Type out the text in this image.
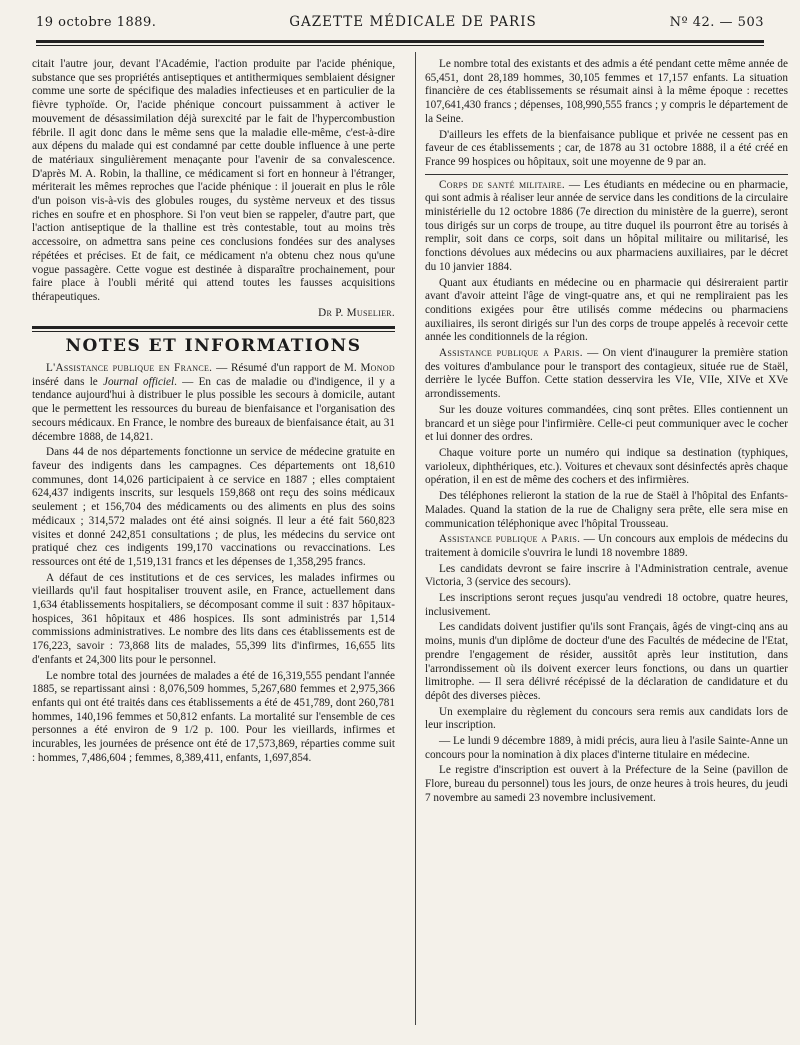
19 octobre 1889.	GAZETTE MÉDICALE DE PARIS	Nº 42. — 503

citait l'autre jour, devant l'Académie, l'action produite par l'acide phénique, substance que ses propriétés antiseptiques et antithermiques semblaient désigner comme une sorte de spécifique des maladies infectieuses et en particulier de la fièvre typhoïde. Or, l'acide phénique concourt puissamment à activer le mouvement de désassimilation déjà surexcité par le fait de l'hypercombustion fébrile. Il agit donc dans le même sens que la maladie elle-même, c'est-à-dire aux dépens du malade qui est condamné par cette double influence à une perte de matériaux singulièrement menaçante pour l'avenir de sa convalescence. D'après M. A. Robin, la thalline, ce médicament si fort en honneur à l'étranger, mériterait les mêmes reproches que l'acide phénique : il jouerait en plus le rôle d'un poison vis-à-vis des globules rouges, du système nerveux et des tissus riches en soufre et en phosphore. Si l'on veut bien se rappeler, d'autre part, que l'action antiseptique de la thalline est très contestable, tout au moins très accessoire, on admettra sans peine ces conclusions fondées sur des analyses répétées et précises. Et de fait, ce médicament n'a obtenu chez nous qu'une vogue passagère. Cette vogue est destinée à disparaître prochainement, pour faire place à l'oubli mérité qui attend toutes les fausses acquisitions thérapeutiques.

Dr P. Muselier.
NOTES ET INFORMATIONS

L'Assistance publique en France. — Résumé d'un rapport de M. Monod inséré dans le Journal officiel. — En cas de maladie ou d'indigence, il y a tendance aujourd'hui à distribuer le plus possible les secours à domicile, autant que le permettent les ressources du bureau de bienfaisance et l'organisation des secours médicaux. En France, le nombre des bureaux de bienfaisance était, au 31 décembre 1888, de 14,821.

Dans 44 de nos départements fonctionne un service de médecine gratuite en faveur des indigents dans les campagnes. Ces départements ont 18,610 communes, dont 14,026 participaient à ce service en 1887 ; elles comptaient 624,437 indigents inscrits, sur lesquels 159,868 ont reçu des soins médicaux seulement ; et 156,704 des médicaments ou des aliments en plus des soins médicaux ; 314,572 malades ont été ainsi soignés. Il leur a été fait 560,823 visites et donné 242,851 consultations ; de plus, les médecins du service ont pratiqué chez ces indigents 199,170 vaccinations ou revaccinations. Les ressources ont été de 1,519,131 francs et les dépenses de 1,358,295 francs.

A défaut de ces institutions et de ces services, les malades infirmes ou vieillards qu'il faut hospitaliser trouvent asile, en France, actuellement dans 1,634 établissements hospitaliers, se décomposant comme il suit : 837 hôpitaux-hospices, 361 hôpitaux et 486 hospices. Ils sont administrés par 1,514 commissions administratives. Le nombre des lits dans ces établissements est de 176,223, savoir : 73,868 lits de malades, 55,399 lits d'infirmes, 16,655 lits d'enfants et 24,300 lits pour le personnel.

Le nombre total des journées de malades a été de 16,319,555 pendant l'année 1885, se repartissant ainsi : 8,076,509 hommes, 5,267,680 femmes et 2,975,366 enfants qui ont été traités dans ces établissements a été de 451,789, dont 260,781 hommes, 140,196 femmes et 50,812 enfants. La mortalité sur l'ensemble de ces personnes a été environ de 9 1/2 p. 100. Pour les vieillards, infirmes et incurables, les journées de présence ont été de 17,573,869, réparties comme suit : hommes, 7,486,604 ; femmes, 8,389,411, enfants, 1,697,854.

Le nombre total des existants et des admis a été pendant cette même année de 65,451, dont 28,189 hommes, 30,105 femmes et 17,157 enfants. La situation financière de ces établissements se résumait ainsi à la même époque : recettes 107,641,430 francs ; dépenses, 108,990,555 francs ; y compris le département de la Seine.

D'ailleurs les effets de la bienfaisance publique et privée ne cessent pas en faveur de ces établissements ; car, de 1878 au 31 octobre 1888, il a été créé en France 99 hospices ou hôpitaux, soit une moyenne de 9 par an.

Corps de santé militaire. — Les étudiants en médecine ou en pharmacie, qui sont admis à réaliser leur année de service dans les conditions de la circulaire ministérielle du 12 octobre 1886 (7e direction du ministère de la guerre), seront tous dirigés sur un corps de troupe, au titre duquel ils pourront être au torisés à remplir, soit dans ce corps, soit dans un hôpital militaire ou militarisé, les fonctions dévolues aux médecins ou aux pharmaciens auxiliaires, par le décret du 10 janvier 1884.

Quant aux étudiants en médecine ou en pharmacie qui désireraient partir avant d'avoir atteint l'âge de vingt-quatre ans, et qui ne rempliraient pas les conditions exigées pour être utilisés comme médecins ou pharmaciens auxiliaires, ils seront dirigés sur l'un des corps de troupe appelés à recevoir cette année les conditionnels de la région.

Assistance publique a Paris. — On vient d'inaugurer la première station des voitures d'ambulance pour le transport des contagieux, située rue de Staël, derrière le lycée Buffon. Cette station desservira les VIe, VIIe, XIVe et XVe arrondissements.

Sur les douze voitures commandées, cinq sont prêtes. Elles contiennent un brancard et un siège pour l'infirmière. Celle-ci peut communiquer avec le cocher et lui donner des ordres.

Chaque voiture porte un numéro qui indique sa destination (typhiques, varioleux, diphthériques, etc.). Voitures et chevaux sont désinfectés après chaque opération, il en est de même des cochers et des infirmières.

Des téléphones relieront la station de la rue de Staël à l'hôpital des Enfants-Malades. Quand la station de la rue de Chaligny sera prête, elle sera mise en communication téléphonique avec l'hôpital Trousseau.

Assistance publique a Paris. — Un concours aux emplois de médecins du traitement à domicile s'ouvrira le lundi 18 novembre 1889.

Les candidats devront se faire inscrire à l'Administration centrale, avenue Victoria, 3 (service des secours).

Les inscriptions seront reçues jusqu'au vendredi 18 octobre, quatre heures, inclusivement.

Les candidats doivent justifier qu'ils sont Français, âgés de vingt-cinq ans au moins, munis d'un diplôme de docteur d'une des Facultés de médecine de l'Etat, prendre l'engagement de résider, aussitôt après leur institution, dans l'arrondissement où ils doivent exercer leurs fonctions, ou dans un quartier limitrophe. — Il sera délivré récépissé de la déclaration de candidature et du dépôt des diverses pièces.

Un exemplaire du règlement du concours sera remis aux candidats lors de leur inscription.

— Le lundi 9 décembre 1889, à midi précis, aura lieu à l'asile Sainte-Anne un concours pour la nomination à dix places d'interne titulaire en médecine.

Le registre d'inscription est ouvert à la Préfecture de la Seine (pavillon de Flore, bureau du personnel) tous les jours, de onze heures à trois heures, du jeudi 7 novembre au samedi 23 novembre inclusivement.
